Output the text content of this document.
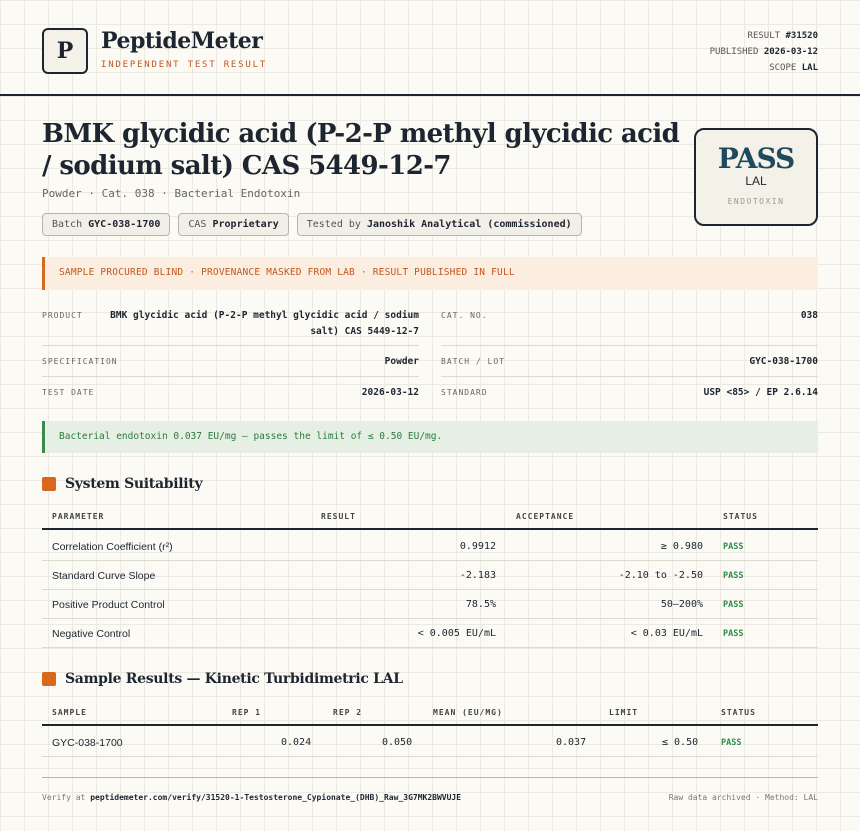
P	PeptideMeter
INDEPENDENT TEST RESULT
RESULT #31520
PUBLISHED 2026-03-12
SCOPE LAL
BMK glycidic acid (P-2-P methyl glycidic acid / sodium salt) CAS 5449-12-7
Powder · Cat. 038 · Bacterial Endotoxin
Batch GYC-038-1700	CAS Proprietary	Tested by Janoshik Analytical (commissioned)
PASS
LAL
ENDOTOXIN
SAMPLE PROCURED BLIND · PROVENANCE MASKED FROM LAB · RESULT PUBLISHED IN FULL
PRODUCT	BMK glycidic acid (P-2-P methyl glycidic acid / sodium salt) CAS 5449-12-7
CAT. NO.	038
SPECIFICATION	Powder	BATCH / LOT	GYC-038-1700
TEST DATE	2026-03-12	STANDARD	USP <85> / EP 2.6.14
Bacterial endotoxin 0.037 EU/mg — passes the limit of ≤ 0.50 EU/mg.
System Suitability
PARAMETER	RESULT	ACCEPTANCE	STATUS
Correlation Coefficient (r²)	0.9912	≥ 0.980 PASS
Standard Curve Slope	-2.183	-2.10 to -2.50 PASS
Positive Product Control	78.5%	50–200% PASS
Negative Control	< 0.005 EU/mL	< 0.03 EU/mL PASS
Sample Results — Kinetic Turbidimetric LAL
SAMPLE	REP 1	REP 2	MEAN (EU/MG)	LIMIT	STATUS
GYC-038-1700	0.024	0.050	0.037	≤ 0.50	PASS
Verify at peptidemeter.com/verify/31520-1-Testosterone_Cypionate_(DHB)_Raw_3G7MK2BWVUJE	Raw data archived · Method: LAL
